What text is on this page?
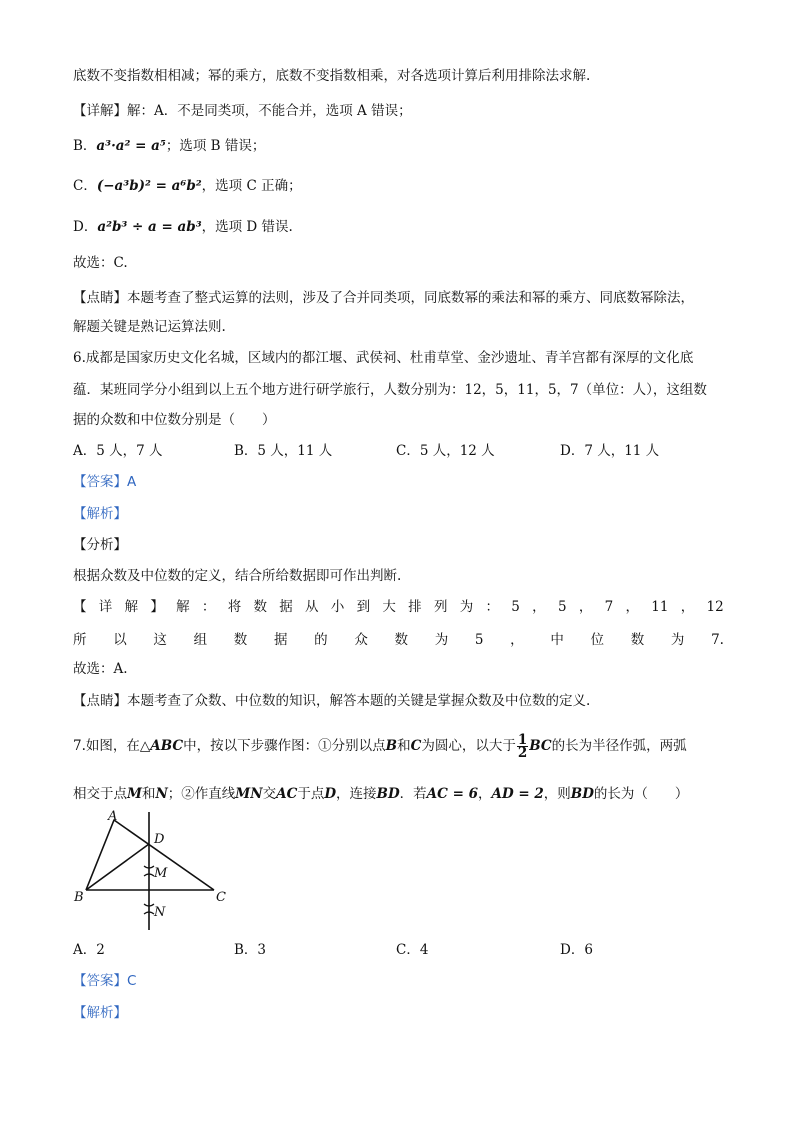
底数不变指数相相减；幂的乘方，底数不变指数相乘，对各选项计算后利用排除法求解.
【详解】解：A．不是同类项，不能合并，选项 A 错误；
B．a³·a² = a⁵；选项 B 错误；
C．(−a³b)² = a⁶b²，选项 C 正确；
D．a²b³ ÷ a = ab³，选项 D 错误.
故选：C.
【点睛】本题考查了整式运算的法则，涉及了合并同类项，同底数幂的乘法和幂的乘方、同底数幂除法，
解题关键是熟记运算法则.
6.成都是国家历史文化名城，区域内的都江堰、武侯祠、杜甫草堂、金沙遗址、青羊宫都有深厚的文化底
蕴．某班同学分小组到以上五个地方进行研学旅行，人数分别为：12，5，11，5，7（单位：人），这组数
据的众数和中位数分别是（　　）
A．5 人，7 人	B．5 人，11 人	C．5 人，12 人	D．7 人，11 人
【答案】A
【解析】
【分析】
根据众数及中位数的定义，结合所给数据即可作出判断.
【 详 解 】 解 ： 将 数 据 从 小 到 大 排 列 为 ： 5 ， 5 ， 7 ， 11 ， 12
所 以 这 组 数 据 的 众 数 为 5 ， 中 位 数 为 7.
故选：A.
【点睛】本题考查了众数、中位数的知识，解答本题的关键是掌握众数及中位数的定义.
7.如图，在△ABC中，按以下步骤作图：①分别以点B和C为圆心，以大于 $\frac{1}{2}$ BC的长为半径作弧，两弧
相交于点M和N；②作直线MN交AC于点D，连接BD．若AC = 6，AD = 2，则BD的长为（　　）
A
D
M
B	C
N
A．2	B．3	C．4	D．6
【答案】C
【解析】
